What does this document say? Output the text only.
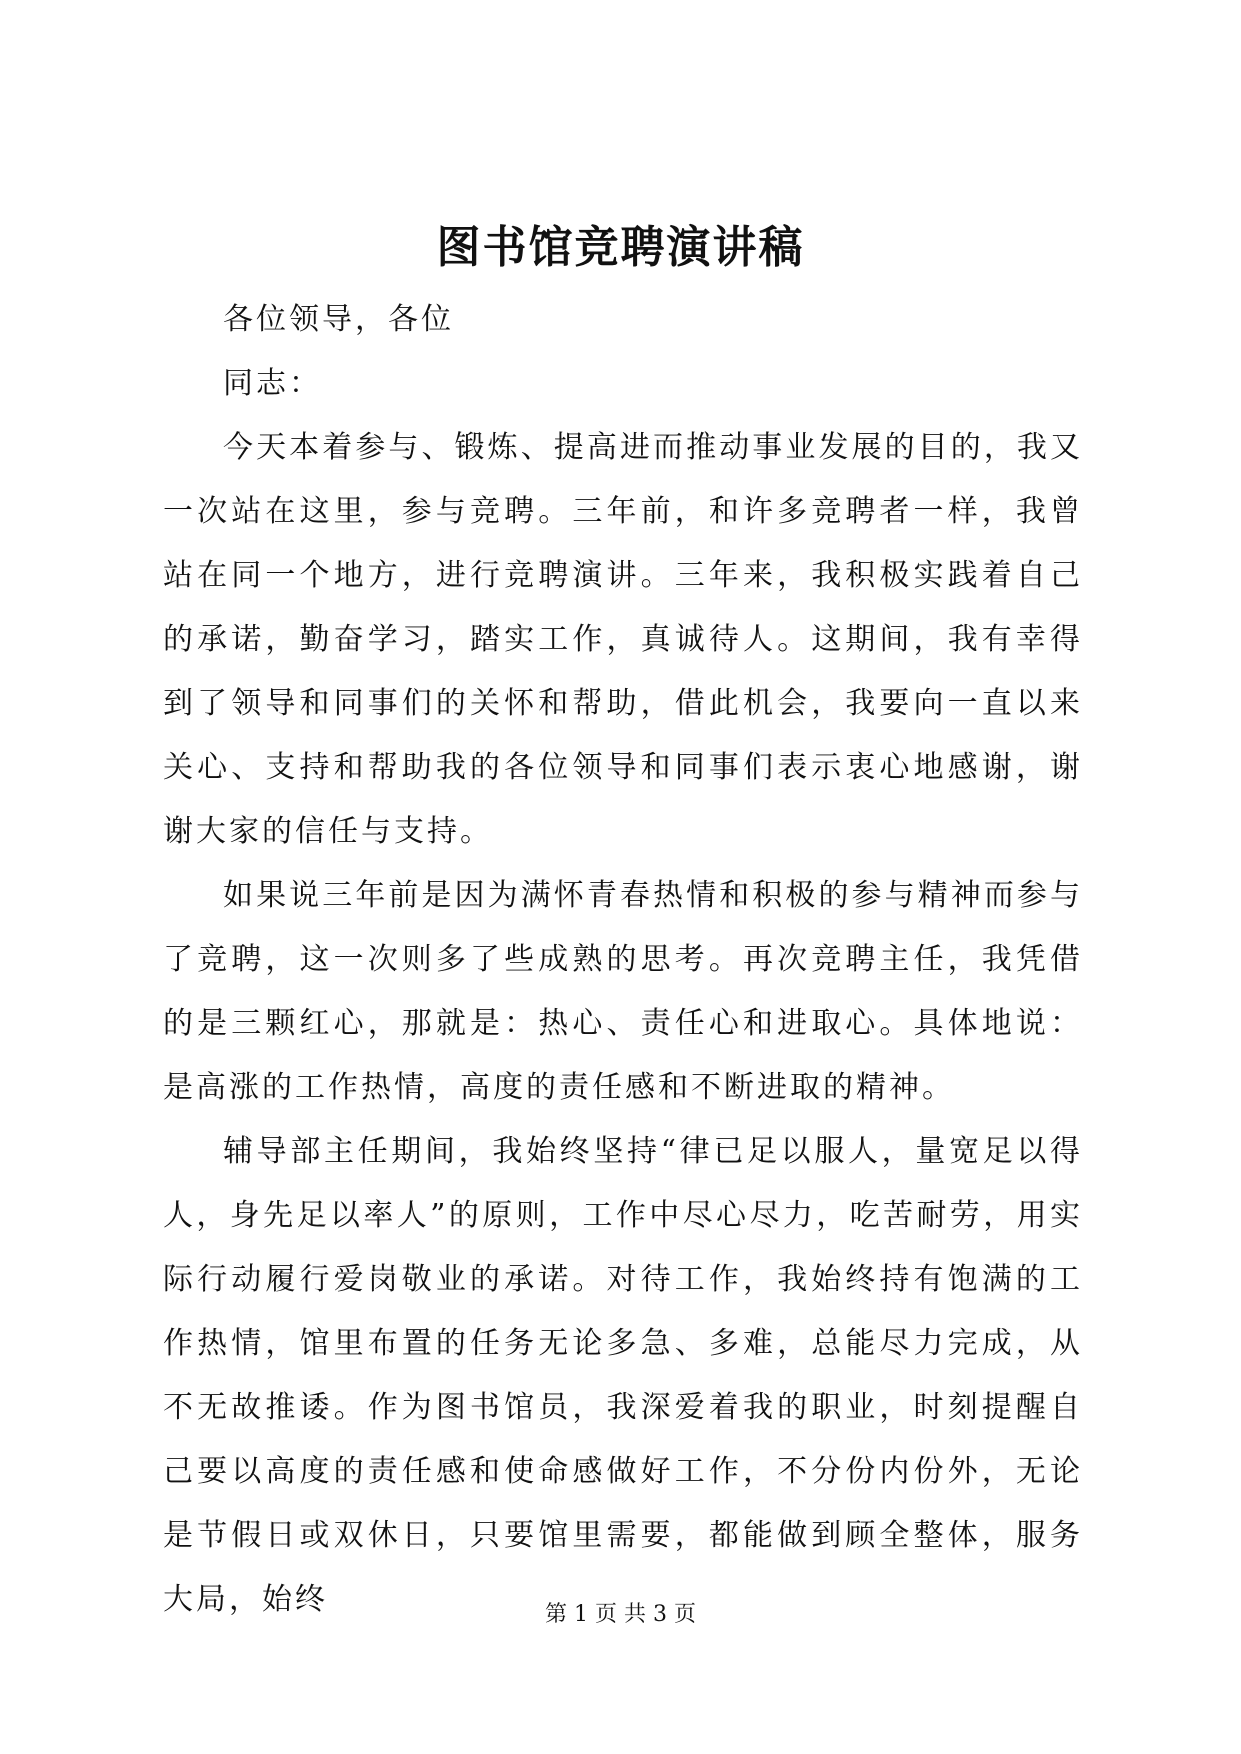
图书馆竞聘演讲稿

各位领导，各位

同志：

今天本着参与、锻炼、提高进而推动事业发展的目的，我又一次站在这里，参与竞聘。三年前，和许多竞聘者一样，我曾站在同一个地方，进行竞聘演讲。三年来，我积极实践着自己的承诺，勤奋学习，踏实工作，真诚待人。这期间，我有幸得到了领导和同事们的关怀和帮助，借此机会，我要向一直以来关心、支持和帮助我的各位领导和同事们表示衷心地感谢，谢谢大家的信任与支持。

如果说三年前是因为满怀青春热情和积极的参与精神而参与了竞聘，这一次则多了些成熟的思考。再次竞聘主任，我凭借的是三颗红心，那就是：热心、责任心和进取心。具体地说：是高涨的工作热情，高度的责任感和不断进取的精神。

辅导部主任期间，我始终坚持“律已足以服人，量宽足以得人，身先足以率人”的原则，工作中尽心尽力，吃苦耐劳，用实际行动履行爱岗敬业的承诺。对待工作，我始终持有饱满的工作热情，馆里布置的任务无论多急、多难，总能尽力完成，从不无故推诿。作为图书馆员，我深爱着我的职业，时刻提醒自己要以高度的责任感和使命感做好工作，不分份内份外，无论是节假日或双休日，只要馆里需要，都能做到顾全整体，服务大局，始终	第 1 页 共 3 页
